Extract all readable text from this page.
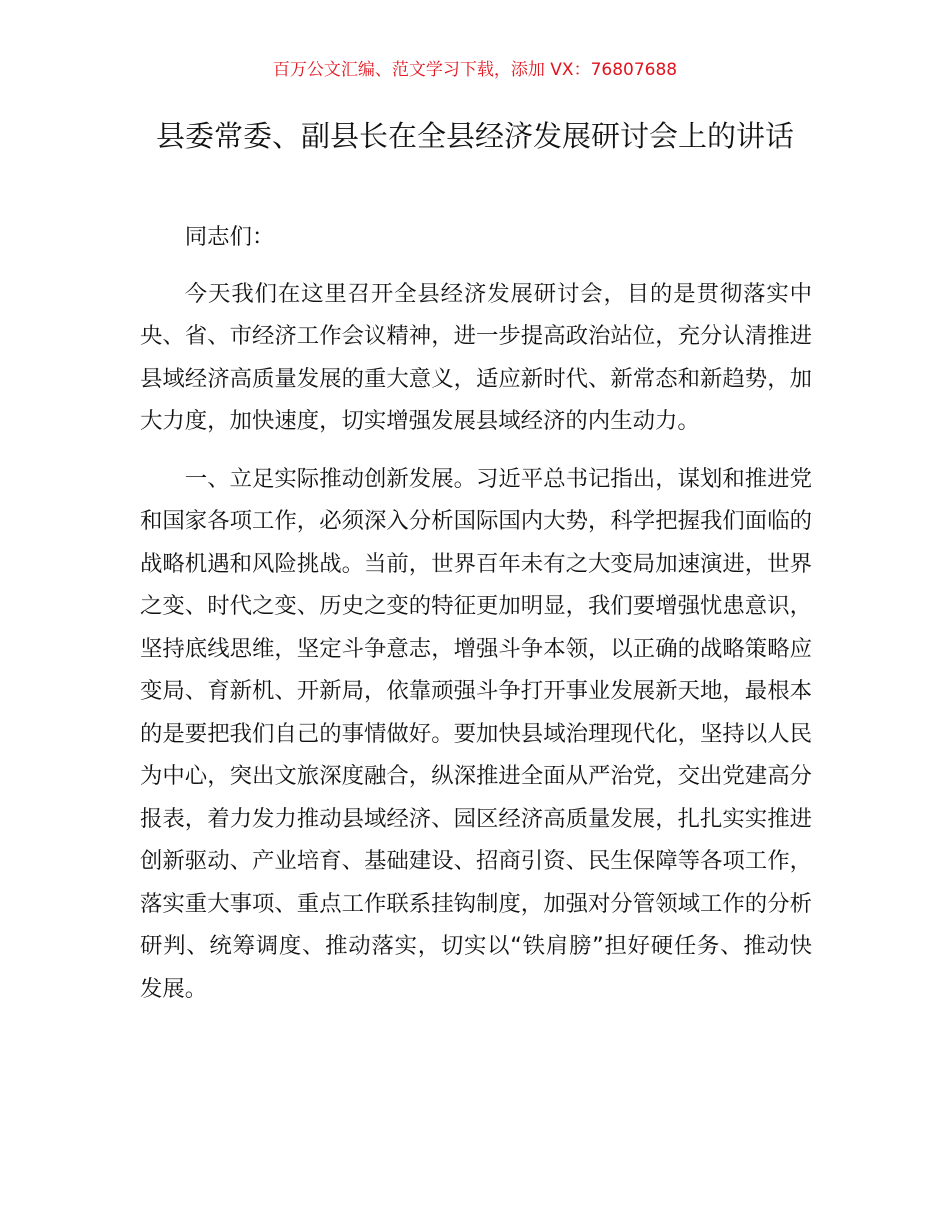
百万公文汇编、范文学习下载，添加 VX：76807688
县委常委、副县长在全县经济发展研讨会上的讲话

同志们：

今天我们在这里召开全县经济发展研讨会，目的是贯彻落实中央、省、市经济工作会议精神，进一步提高政治站位，充分认清推进县域经济高质量发展的重大意义，适应新时代、新常态和新趋势，加大力度，加快速度，切实增强发展县域经济的内生动力。

一、立足实际推动创新发展。习近平总书记指出，谋划和推进党和国家各项工作，必须深入分析国际国内大势，科学把握我们面临的战略机遇和风险挑战。当前，世界百年未有之大变局加速演进，世界之变、时代之变、历史之变的特征更加明显，我们要增强忧患意识，坚持底线思维，坚定斗争意志，增强斗争本领，以正确的战略策略应变局、育新机、开新局，依靠顽强斗争打开事业发展新天地，最根本的是要把我们自己的事情做好。要加快县域治理现代化，坚持以人民为中心，突出文旅深度融合，纵深推进全面从严治党，交出党建高分报表，着力发力推动县域经济、园区经济高质量发展，扎扎实实推进创新驱动、产业培育、基础建设、招商引资、民生保障等各项工作，落实重大事项、重点工作联系挂钩制度，加强对分管领域工作的分析研判、统筹调度、推动落实，切实以“铁肩膀”担好硬任务、推动快发展。
